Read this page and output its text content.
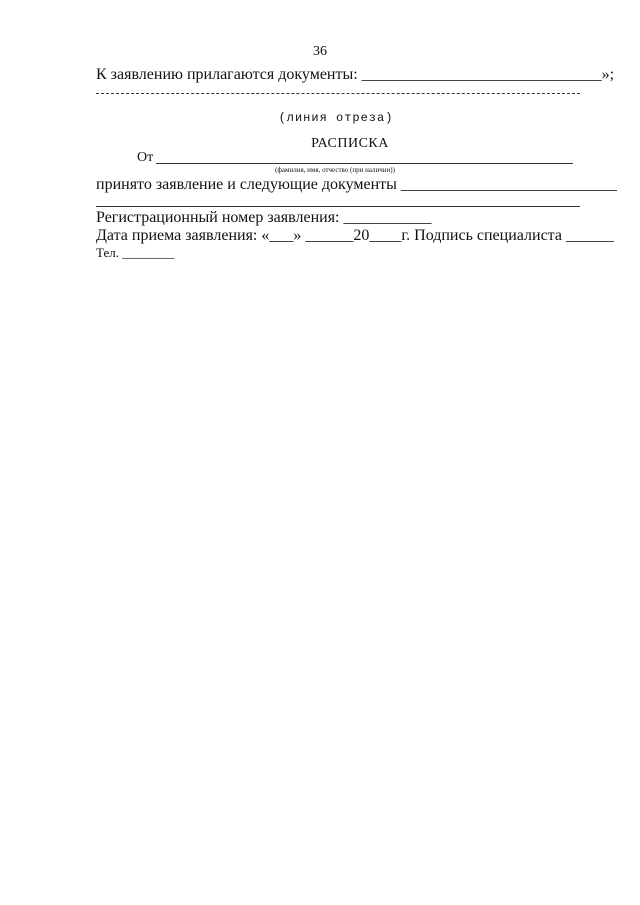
36
К заявлению прилагаются документы: ______________________________»;
(линия отреза)
РАСПИСКА
От
(фамилия, имя, отчество (при наличии))
принято заявление и следующие документы ___________________________
Регистрационный номер заявления: ___________
Дата приема заявления: «___» ______20____г. Подпись специалиста ______
Тел. ________
